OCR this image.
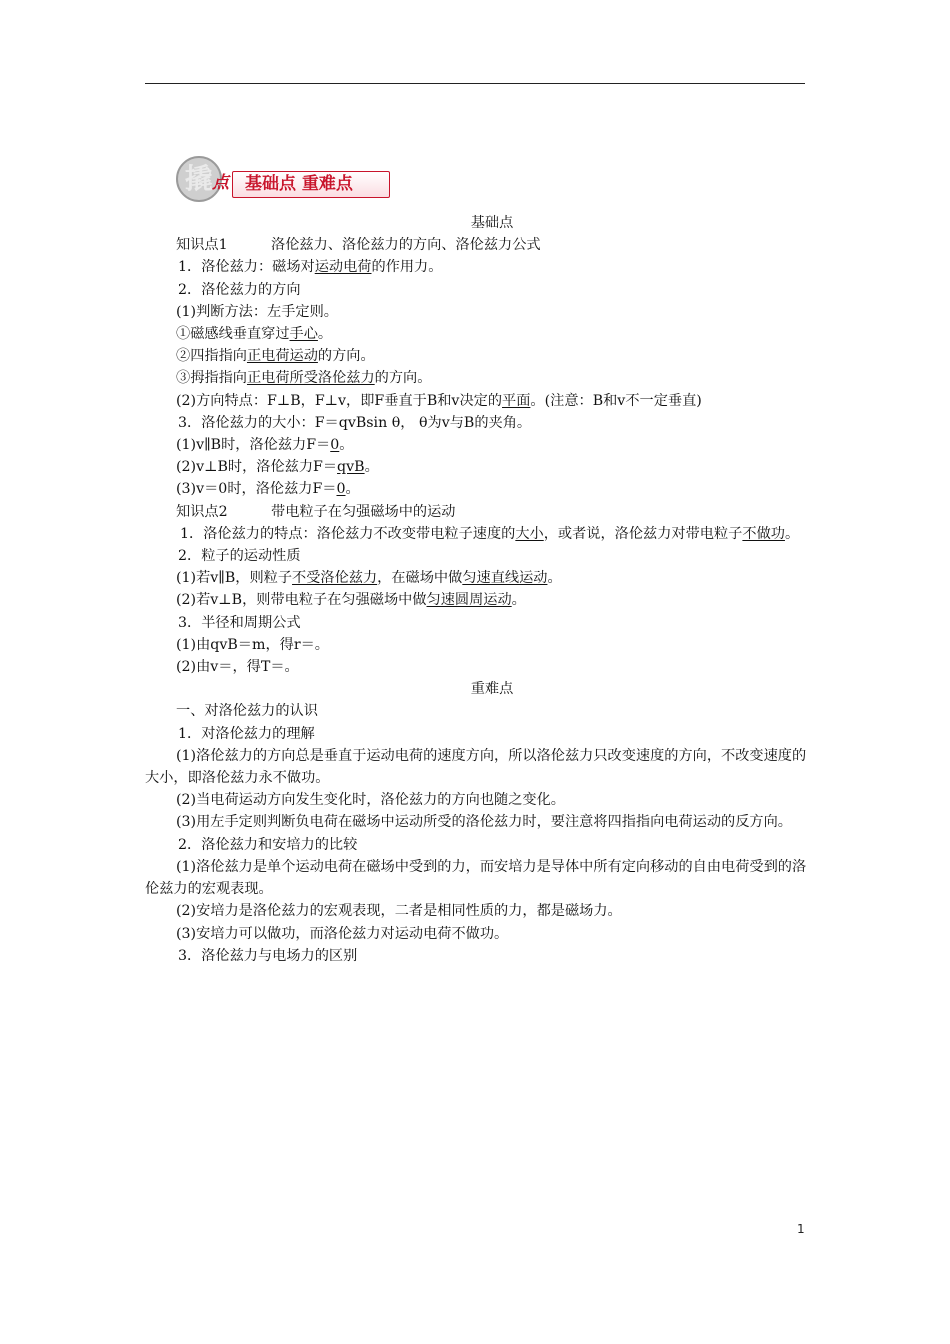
撬 点 基础点 重难点

基础点

知识点1	洛伦兹力、洛伦兹力的方向、洛伦兹力公式

1．洛伦兹力：磁场对运动电荷的作用力。

2．洛伦兹力的方向

(1)判断方法：左手定则。

①磁感线垂直穿过手心。

②四指指向正电荷运动的方向。

③拇指指向正电荷所受洛伦兹力的方向。

(2)方向特点：F⊥B，F⊥v，即F垂直于B和v决定的平面。(注意：B和v不一定垂直)

3．洛伦兹力的大小：F＝qvBsin θ， θ为v与B的夹角。

(1)v∥B时，洛伦兹力F＝0。

(2)v⊥B时，洛伦兹力F＝qvB。

(3)v＝0时，洛伦兹力F＝0。

知识点2	带电粒子在匀强磁场中的运动

1．洛伦兹力的特点：洛伦兹力不改变带电粒子速度的大小，或者说，洛伦兹力对带电粒子不做功。

2．粒子的运动性质

(1)若v∥B，则粒子不受洛伦兹力，在磁场中做匀速直线运动。

(2)若v⊥B，则带电粒子在匀强磁场中做匀速圆周运动。

3．半径和周期公式

(1)由qvB＝m，得r＝。

(2)由v＝，得T＝。

重难点

一、对洛伦兹力的认识

1．对洛伦兹力的理解

(1)洛伦兹力的方向总是垂直于运动电荷的速度方向，所以洛伦兹力只改变速度的方向，不改变速度的大小，即洛伦兹力永不做功。

(2)当电荷运动方向发生变化时，洛伦兹力的方向也随之变化。

(3)用左手定则判断负电荷在磁场中运动所受的洛伦兹力时，要注意将四指指向电荷运动的反方向。

2．洛伦兹力和安培力的比较

(1)洛伦兹力是单个运动电荷在磁场中受到的力，而安培力是导体中所有定向移动的自由电荷受到的洛伦兹力的宏观表现。

(2)安培力是洛伦兹力的宏观表现，二者是相同性质的力，都是磁场力。

(3)安培力可以做功，而洛伦兹力对运动电荷不做功。

3．洛伦兹力与电场力的区别

1
